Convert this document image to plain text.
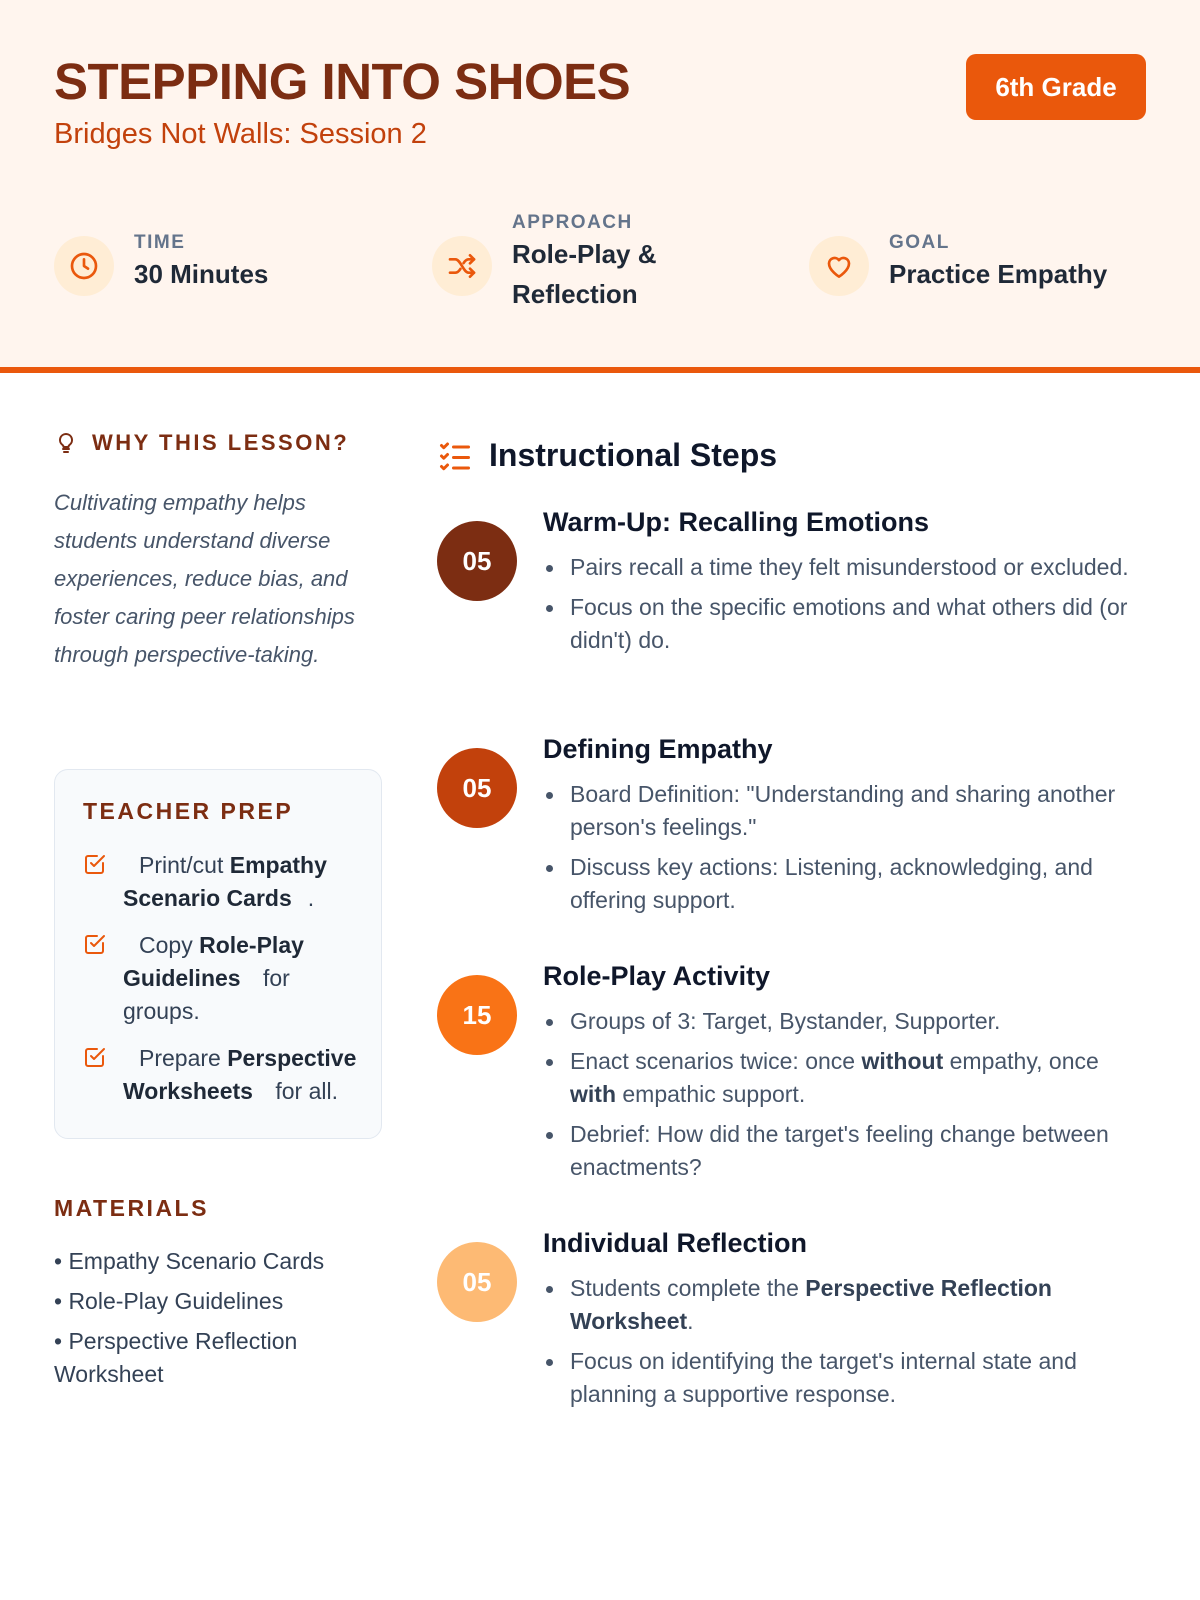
STEPPING INTO SHOES
Bridges Not Walls: Session 2
6th Grade
TIME
30 Minutes
APPROACH
Role-Play & Reflection
GOAL
Practice Empathy
WHY THIS LESSON?
Cultivating empathy helps students understand diverse experiences, reduce bias, and foster caring peer relationships through perspective-taking.
TEACHER PREP
Print/cut Empathy Scenario Cards .
Copy Role-Play Guidelines for groups.
Prepare Perspective Worksheets for all.
MATERIALS
• Empathy Scenario Cards
• Role-Play Guidelines
• Perspective Reflection Worksheet
Instructional Steps
05
Warm-Up: Recalling Emotions
Pairs recall a time they felt misunderstood or excluded.
Focus on the specific emotions and what others did (or didn't) do.
05
Defining Empathy
Board Definition: "Understanding and sharing another person's feelings."
Discuss key actions: Listening, acknowledging, and offering support.
15
Role-Play Activity
Groups of 3: Target, Bystander, Supporter.
Enact scenarios twice: once without empathy, once with empathic support.
Debrief: How did the target's feeling change between enactments?
05
Individual Reflection
Students complete the Perspective Reflection Worksheet.
Focus on identifying the target's internal state and planning a supportive response.
